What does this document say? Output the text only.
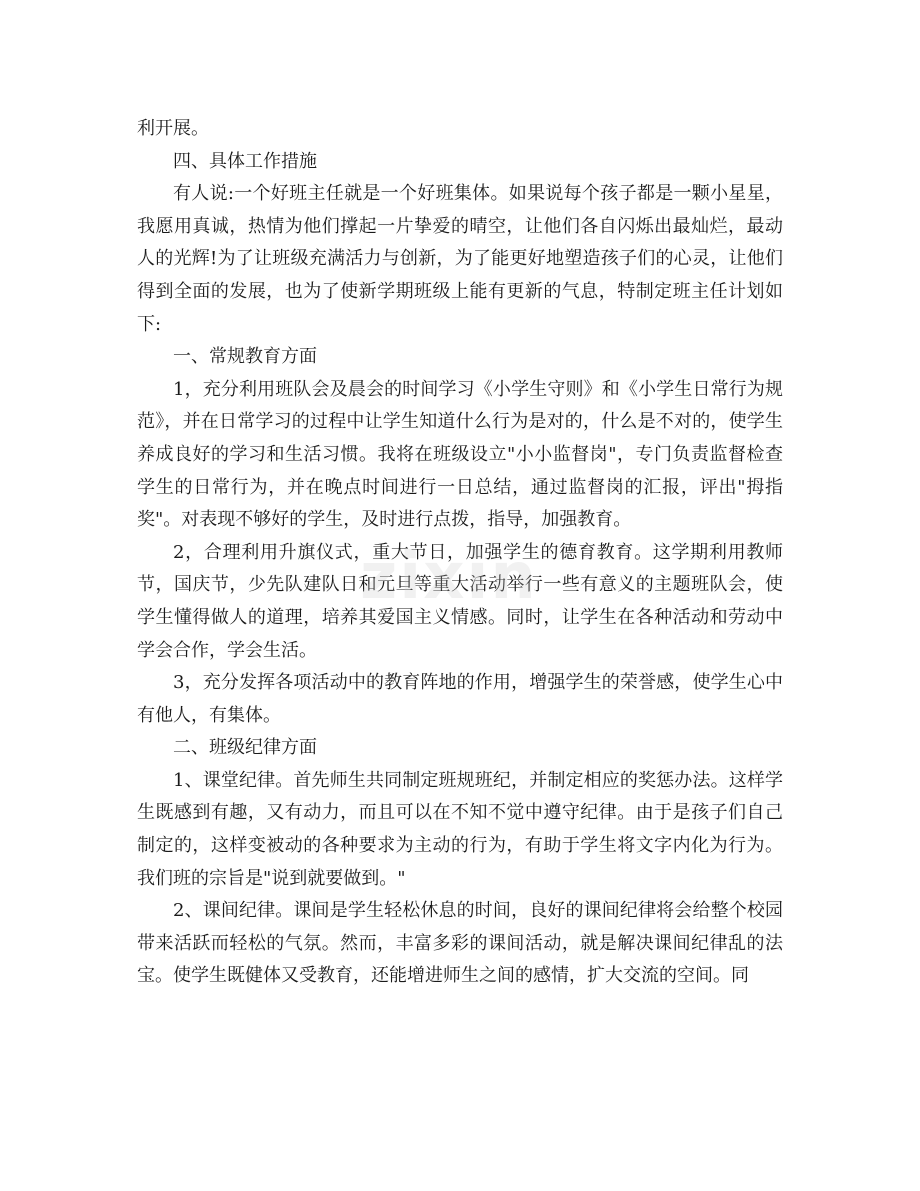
利开展。

四、具体工作措施

有人说:一个好班主任就是一个好班集体。如果说每个孩子都是一颗小星星，我愿用真诚，热情为他们撑起一片挚爱的晴空，让他们各自闪烁出最灿烂，最动人的光辉!为了让班级充满活力与创新，为了能更好地塑造孩子们的心灵，让他们得到全面的发展，也为了使新学期班级上能有更新的气息，特制定班主任计划如下:

一、常规教育方面

1，充分利用班队会及晨会的时间学习《小学生守则》和《小学生日常行为规范》，并在日常学习的过程中让学生知道什么行为是对的，什么是不对的，使学生养成良好的学习和生活习惯。我将在班级设立"小小监督岗"，专门负责监督检查学生的日常行为，并在晚点时间进行一日总结，通过监督岗的汇报，评出"拇指奖"。对表现不够好的学生，及时进行点拨，指导，加强教育。

2，合理利用升旗仪式，重大节日，加强学生的德育教育。这学期利用教师节，国庆节，少先队建队日和元旦等重大活动举行一些有意义的主题班队会，使学生懂得做人的道理，培养其爱国主义情感。同时，让学生在各种活动和劳动中学会合作，学会生活。

3，充分发挥各项活动中的教育阵地的作用，增强学生的荣誉感，使学生心中有他人，有集体。

二、班级纪律方面

1、课堂纪律。首先师生共同制定班规班纪，并制定相应的奖惩办法。这样学生既感到有趣，又有动力，而且可以在不知不觉中遵守纪律。由于是孩子们自己制定的，这样变被动的各种要求为主动的行为，有助于学生将文字内化为行为。我们班的宗旨是"说到就要做到。"

2、课间纪律。课间是学生轻松休息的时间，良好的课间纪律将会给整个校园带来活跃而轻松的气氛。然而，丰富多彩的课间活动，就是解决课间纪律乱的法宝。使学生既健体又受教育，还能增进师生之间的感情，扩大交流的空间。同

zixin
